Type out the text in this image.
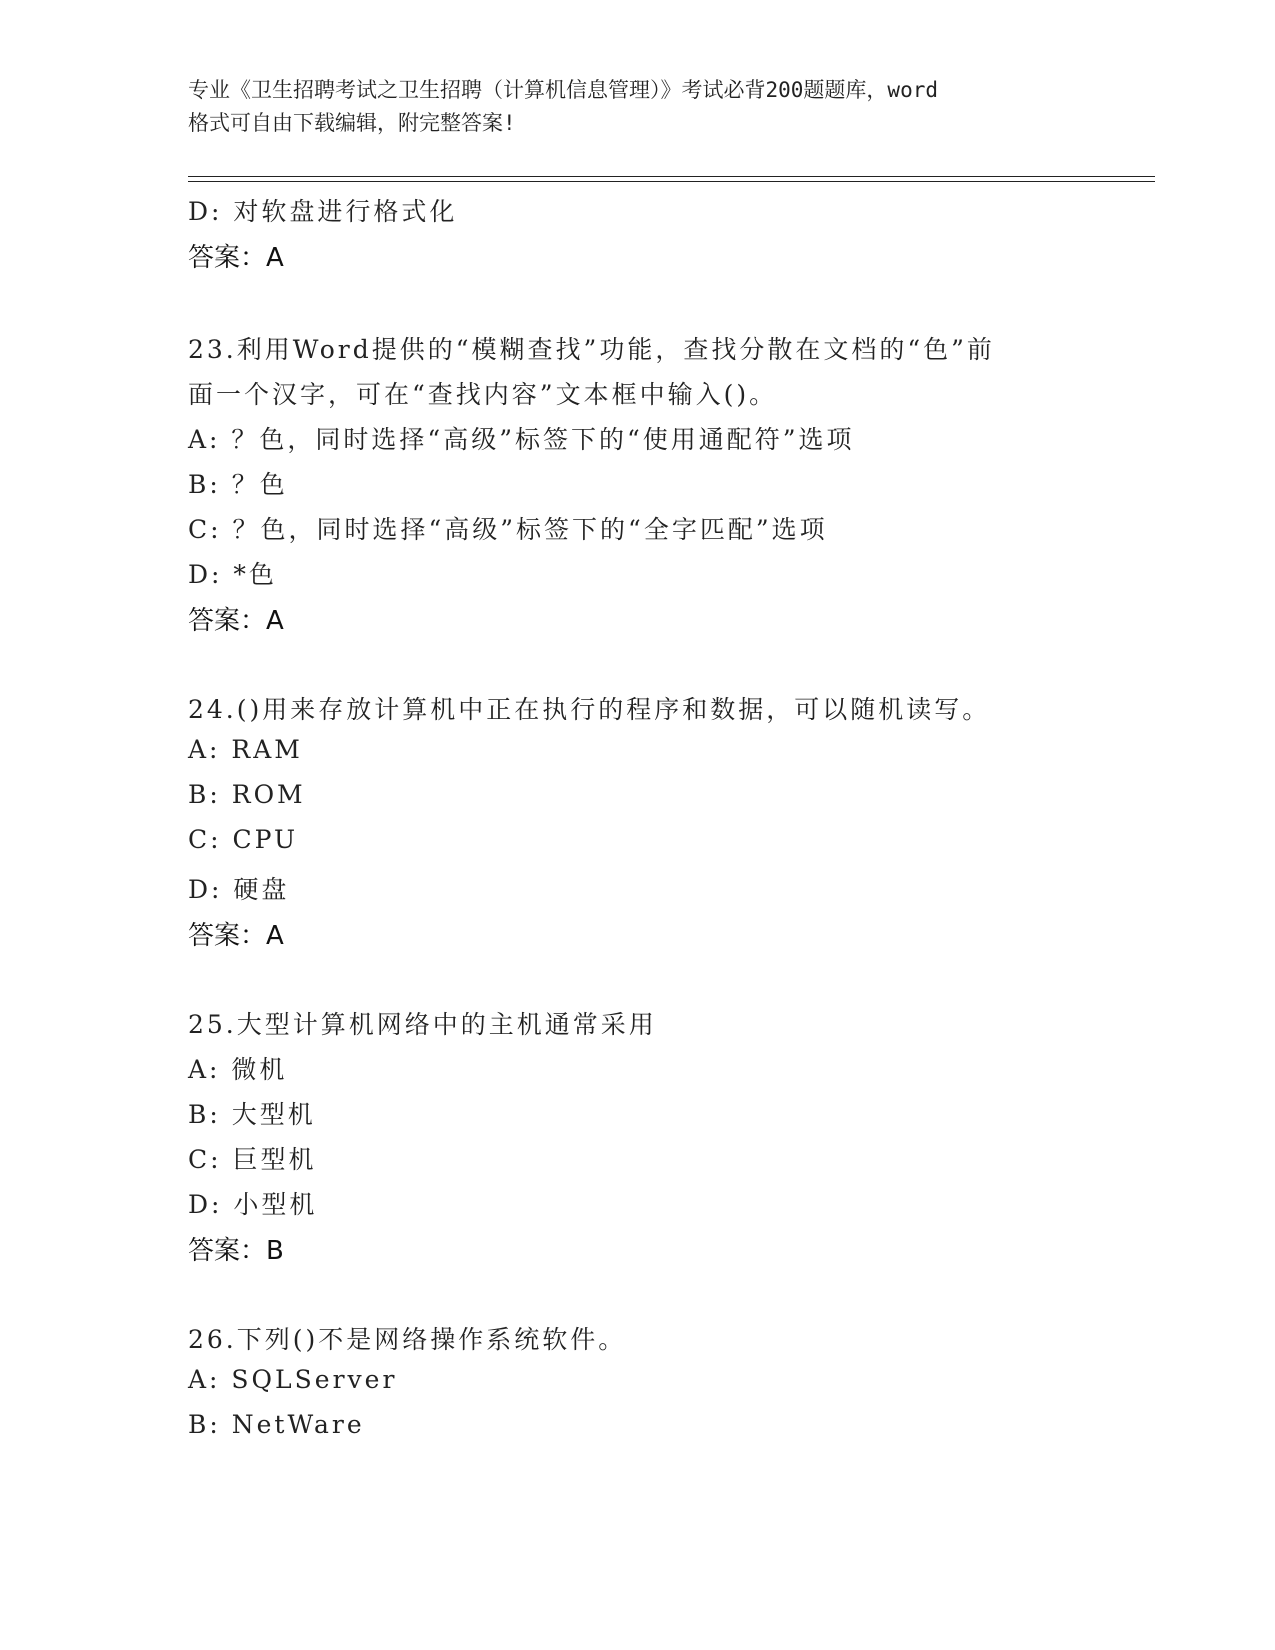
专业《卫生招聘考试之卫生招聘（计算机信息管理）》考试必背200题题库，word
格式可自由下载编辑，附完整答案!
D: 对软盘进行格式化
答案：A
23.利用Word提供的“模糊查找”功能，查找分散在文档的“色”前
面一个汉字，可在“查找内容”文本框中输入()。
A: ？色，同时选择“高级”标签下的“使用通配符”选项
B: ？色
C: ？色，同时选择“高级”标签下的“全字匹配”选项
D: *色
答案：A
24.()用来存放计算机中正在执行的程序和数据，可以随机读写。
A: RAM
B: ROM
C: CPU
D: 硬盘
答案：A
25.大型计算机网络中的主机通常采用
A: 微机
B: 大型机
C: 巨型机
D: 小型机
答案：B
26.下列()不是网络操作系统软件。
A: SQLServer
B: NetWare
